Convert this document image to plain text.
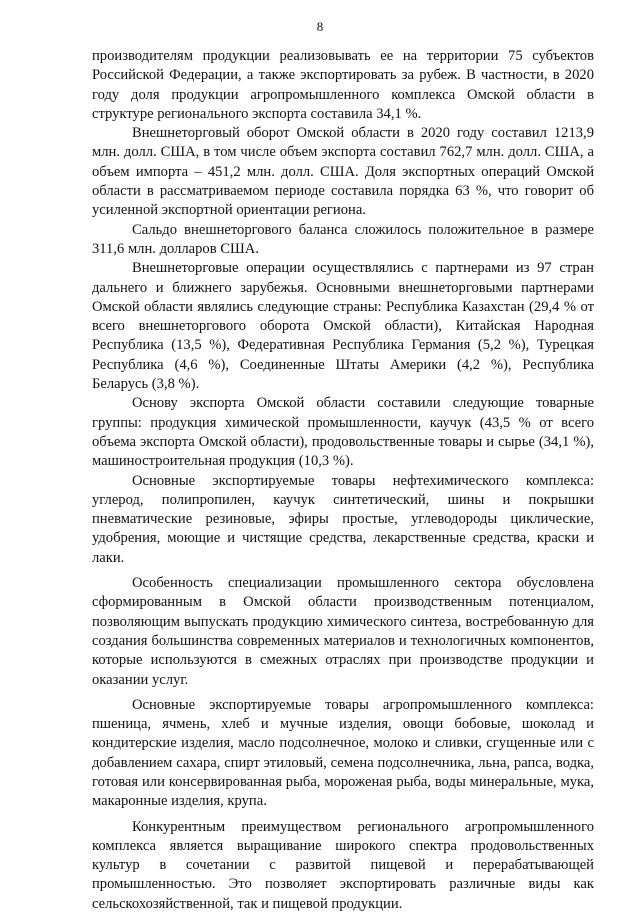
8

производителям продукции реализовывать ее на территории 75 субъектов Российской Федерации, а также экспортировать за рубеж. В частности, в 2020 году доля продукции агропромышленного комплекса Омской области в структуре регионального экспорта составила 34,1 %.

Внешнеторговый оборот Омской области в 2020 году составил 1213,9 млн. долл. США, в том числе объем экспорта составил 762,7 млн. долл. США, а объем импорта – 451,2 млн. долл. США. Доля экспортных операций Омской области в рассматриваемом периоде составила порядка 63 %, что говорит об усиленной экспортной ориентации региона.

Сальдо внешнеторгового баланса сложилось положительное в размере 311,6 млн. долларов США.

Внешнеторговые операции осуществлялись с партнерами из 97 стран дальнего и ближнего зарубежья. Основными внешнеторговыми партнерами Омской области являлись следующие страны: Республика Казахстан (29,4 % от всего внешнеторгового оборота Омской области), Китайская Народная Республика (13,5 %), Федеративная Республика Германия (5,2 %), Турецкая Республика (4,6 %), Соединенные Штаты Америки (4,2 %), Республика Беларусь (3,8 %).

Основу экспорта Омской области составили следующие товарные группы: продукция химической промышленности, каучук (43,5 % от всего объема экспорта Омской области), продовольственные товары и сырье (34,1 %), машиностроительная продукция (10,3 %).

Основные экспортируемые товары нефтехимического комплекса: углерод, полипропилен, каучук синтетический, шины и покрышки пневматические резиновые, эфиры простые, углеводороды циклические, удобрения, моющие и чистящие средства, лекарственные средства, краски и лаки.

Особенность специализации промышленного сектора обусловлена сформированным в Омской области производственным потенциалом, позволяющим выпускать продукцию химического синтеза, востребованную для создания большинства современных материалов и технологичных компонентов, которые используются в смежных отраслях при производстве продукции и оказании услуг.

Основные экспортируемые товары агропромышленного комплекса: пшеница, ячмень, хлеб и мучные изделия, овощи бобовые, шоколад и кондитерские изделия, масло подсолнечное, молоко и сливки, сгущенные или с добавлением сахара, спирт этиловый, семена подсолнечника, льна, рапса, водка, готовая или консервированная рыба, мороженая рыба, воды минеральные, мука, макаронные изделия, крупа.

Конкурентным преимуществом регионального агропромышленного комплекса является выращивание широкого спектра продовольственных культур в сочетании с развитой пищевой и перерабатывающей промышленностью. Это позволяет экспортировать различные виды как сельскохозяйственной, так и пищевой продукции.
